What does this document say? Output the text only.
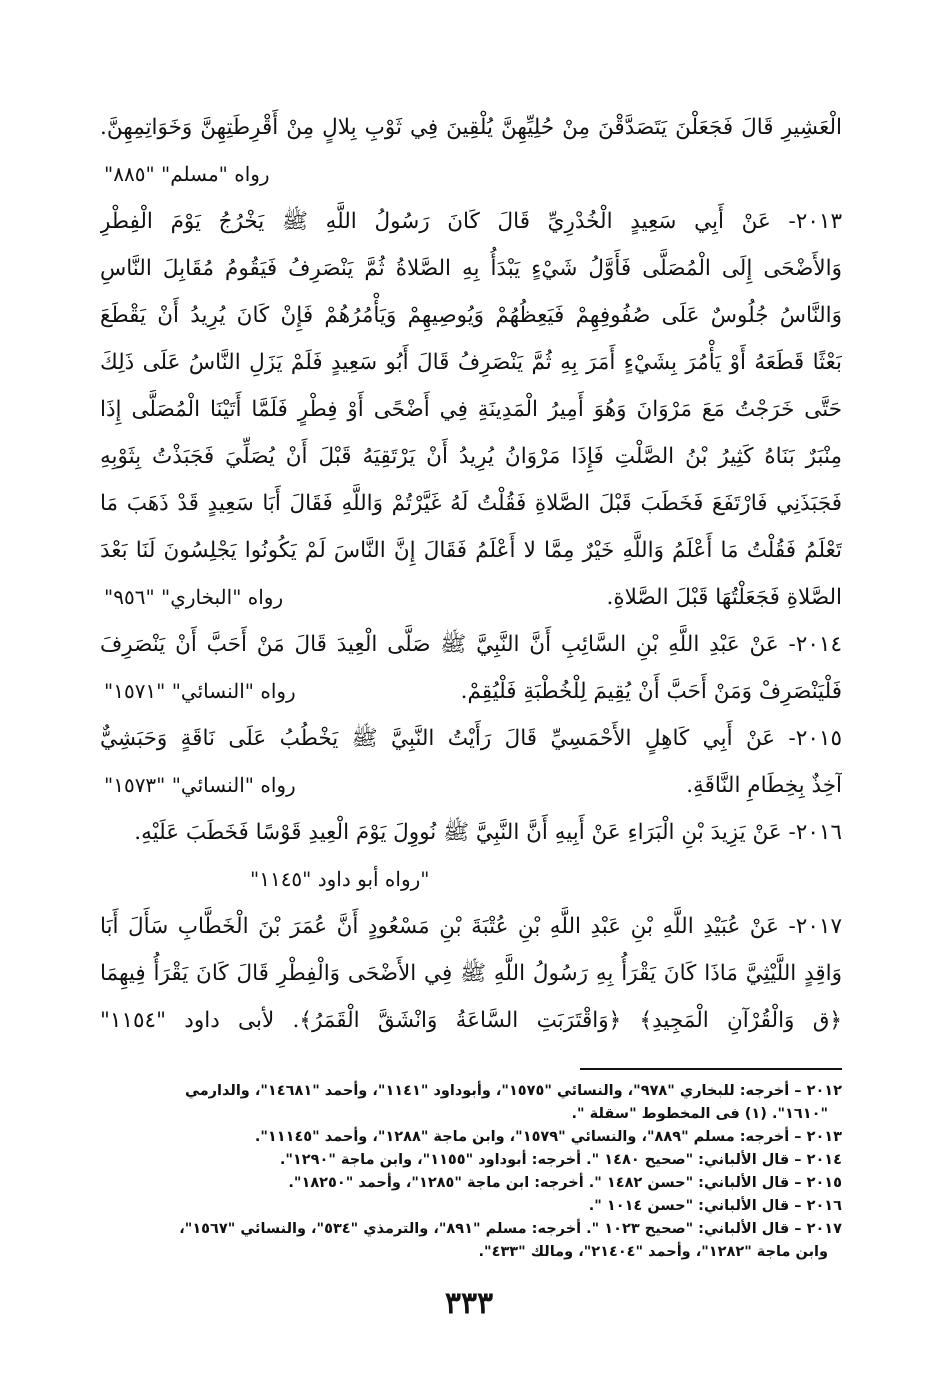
الْعَشِيرِ قَالَ فَجَعَلْنَ يَتَصَدَّقْنَ مِنْ حُلِيِّهِنَّ يُلْقِينَ فِي ثَوْبِ بِلالٍ مِنْ أَقْرِطَتِهِنَّ وَخَوَاتِمِهِنَّ.
رواه "مسلم" "٨٨٥"
٢٠١٣- عَنْ أَبِي سَعِيدٍ الْخُدْرِيِّ قَالَ كَانَ رَسُولُ اللَّهِ ﷺ يَخْرُجُ يَوْمَ الْفِطْرِ
وَالأَضْحَى إِلَى الْمُصَلَّى فَأَوَّلُ شَيْءٍ يَبْدَأُ بِهِ الصَّلاةُ ثُمَّ يَنْصَرِفُ فَيَقُومُ مُقَابِلَ النَّاسِ
وَالنَّاسُ جُلُوسٌ عَلَى صُفُوفِهِمْ فَيَعِظُهُمْ وَيُوصِيهِمْ وَيَأْمُرُهُمْ فَإِنْ كَانَ يُرِيدُ أَنْ يَقْطَعَ
بَعْثًا قَطَعَهُ أَوْ يَأْمُرَ بِشَيْءٍ أَمَرَ بِهِ ثُمَّ يَنْصَرِفُ قَالَ أَبُو سَعِيدٍ فَلَمْ يَزَلِ النَّاسُ عَلَى ذَلِكَ
حَتَّى خَرَجْتُ مَعَ مَرْوَانَ وَهُوَ أَمِيرُ الْمَدِينَةِ فِي أَضْحًى أَوْ فِطْرٍ فَلَمَّا أَتَيْنَا الْمُصَلَّى إِذَا
مِنْبَرٌ بَنَاهُ كَثِيرُ بْنُ الصَّلْتِ فَإِذَا مَرْوَانُ يُرِيدُ أَنْ يَرْتَقِيَهُ قَبْلَ أَنْ يُصَلِّيَ فَجَبَذْتُ بِثَوْبِهِ
فَجَبَذَنِي فَارْتَفَعَ فَخَطَبَ قَبْلَ الصَّلاةِ فَقُلْتُ لَهُ غَيَّرْتُمْ وَاللَّهِ فَقَالَ أَبَا سَعِيدٍ قَدْ ذَهَبَ مَا
تَعْلَمُ فَقُلْتُ مَا أَعْلَمُ وَاللَّهِ خَيْرٌ مِمَّا لا أَعْلَمُ فَقَالَ إِنَّ النَّاسَ لَمْ يَكُونُوا يَجْلِسُونَ لَنَا بَعْدَ
الصَّلاةِ فَجَعَلْتُهَا قَبْلَ الصَّلاةِ.
رواه "البخاري" "٩٥٦"
٢٠١٤- عَنْ عَبْدِ اللَّهِ بْنِ السَّائِبِ أَنَّ النَّبِيَّ ﷺ صَلَّى الْعِيدَ قَالَ مَنْ أَحَبَّ أَنْ يَنْصَرِفَ
فَلْيَنْصَرِفْ وَمَنْ أَحَبَّ أَنْ يُقِيمَ لِلْخُطْبَةِ فَلْيُقِمْ.
رواه "النسائي" "١٥٧١"
٢٠١٥- عَنْ أَبِي كَاهِلٍ الأَحْمَسِيِّ قَالَ رَأَيْتُ النَّبِيَّ ﷺ يَخْطُبُ عَلَى نَاقَةٍ وَحَبَشِيٌّ
آخِذٌ بِخِطَامِ النَّاقَةِ.
رواه "النسائي" "١٥٧٣"
٢٠١٦- عَنْ يَزِيدَ بْنِ الْبَرَاءِ عَنْ أَبِيهِ أَنَّ النَّبِيَّ ﷺ نُووِلَ يَوْمَ الْعِيدِ قَوْسًا فَخَطَبَ عَلَيْهِ.
"رواه أبو داود "١١٤٥"
٢٠١٧- عَنْ عُبَيْدِ اللَّهِ بْنِ عَبْدِ اللَّهِ بْنِ عُتْبَةَ بْنِ مَسْعُودٍ أَنَّ عُمَرَ بْنَ الْخَطَّابِ سَأَلَ أَبَا
وَاقِدٍ اللَّيْثِيَّ مَاذَا كَانَ يَقْرَأُ بِهِ رَسُولُ اللَّهِ ﷺ فِي الأَضْحَى وَالْفِطْرِ قَالَ كَانَ يَقْرَأُ فِيهِمَا
﴿ق وَالْقُرْآنِ الْمَجِيدِ﴾ ﴿وَاقْتَرَبَتِ السَّاعَةُ وَانْشَقَّ الْقَمَرُ﴾. لأبى داود "١١٥٤"
٢٠١٢ – أخرجه: للبخاري "٩٧٨"، والنسائي "١٥٧٥"، وأبوداود "١١٤١"، وأحمد "١٤٦٨١"، والدارمي
"١٦١٠". (١) فى المخطوط "سقلة ".
٢٠١٣ – أخرجه: مسلم "٨٨٩"، والنسائي "١٥٧٩"، وابن ماجة "١٢٨٨"، وأحمد "١١١٤٥".
٢٠١٤ – قال الألباني: "صحيح ١٤٨٠ ". أخرجه: أبوداود "١١٥٥"، وابن ماجة "١٢٩٠".
٢٠١٥ – قال الألباني: "حسن ١٤٨٢ ". أخرجه: ابن ماجة "١٢٨٥"، وأحمد "١٨٢٥٠".
٢٠١٦ – قال الألباني: "حسن ١٠١٤ ".
٢٠١٧ – قال الألباني: "صحيح ١٠٢٣ ". أخرجه: مسلم "٨٩١"، والترمذي "٥٣٤"، والنسائي "١٥٦٧"،
وابن ماجة "١٢٨٢"، وأحمد "٢١٤٠٤"، ومالك "٤٣٣".
٣٣٣
